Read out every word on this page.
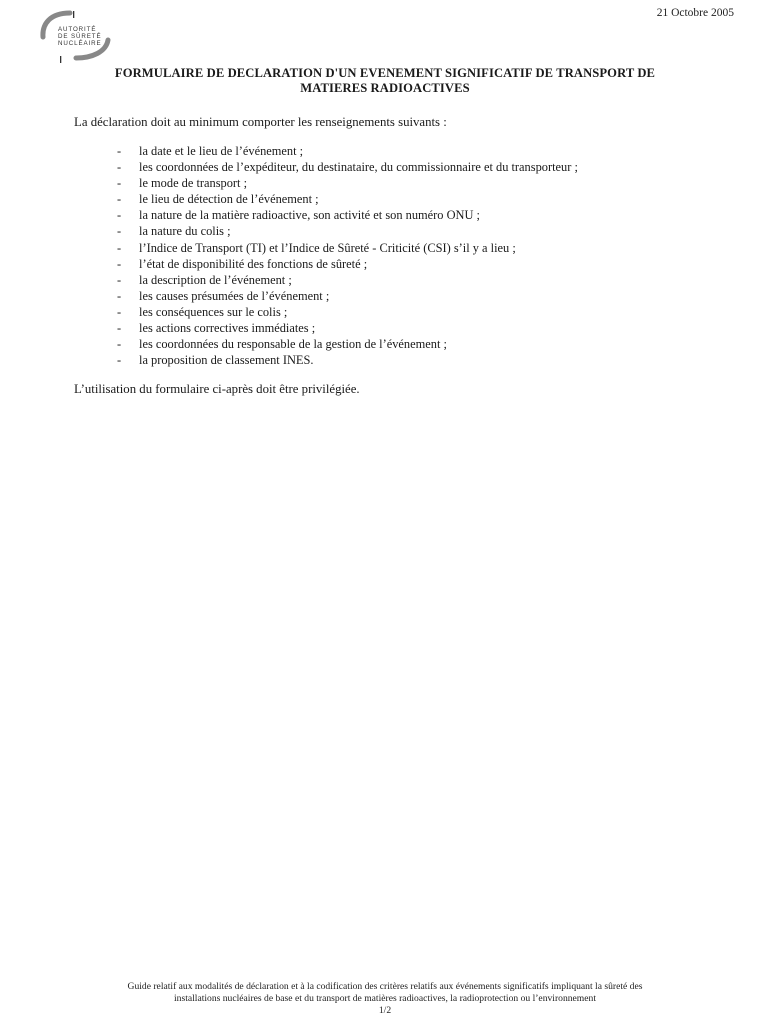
AUTORITÉ
DE SÛRETÉ
NUCLÉAIRE
21 Octobre 2005
FORMULAIRE DE DECLARATION D'UN EVENEMENT SIGNIFICATIF DE TRANSPORT DE
MATIERES RADIOACTIVES
La déclaration doit au minimum comporter les renseignements suivants :
- la date et le lieu de l’événement ;
- les coordonnées de l’expéditeur, du destinataire, du commissionnaire et du transporteur ;
- le mode de transport ;
- le lieu de détection de l’événement ;
- la nature de la matière radioactive, son activité et son numéro ONU ;
- la nature du colis ;
- l’Indice de Transport (TI) et l’Indice de Sûreté - Criticité (CSI) s’il y a lieu ;
- l’état de disponibilité des fonctions de sûreté ;
- la description de l’événement ;
- les causes présumées de l’événement ;
- les conséquences sur le colis ;
- les actions correctives immédiates ;
- les coordonnées du responsable de la gestion de l’événement ;
- la proposition de classement INES.
L’utilisation du formulaire ci-après doit être privilégiée.
Guide relatif aux modalités de déclaration et à la codification des critères relatifs aux événements significatifs impliquant la sûreté des
installations nucléaires de base et du transport de matières radioactives, la radioprotection ou l’environnement
1/2
